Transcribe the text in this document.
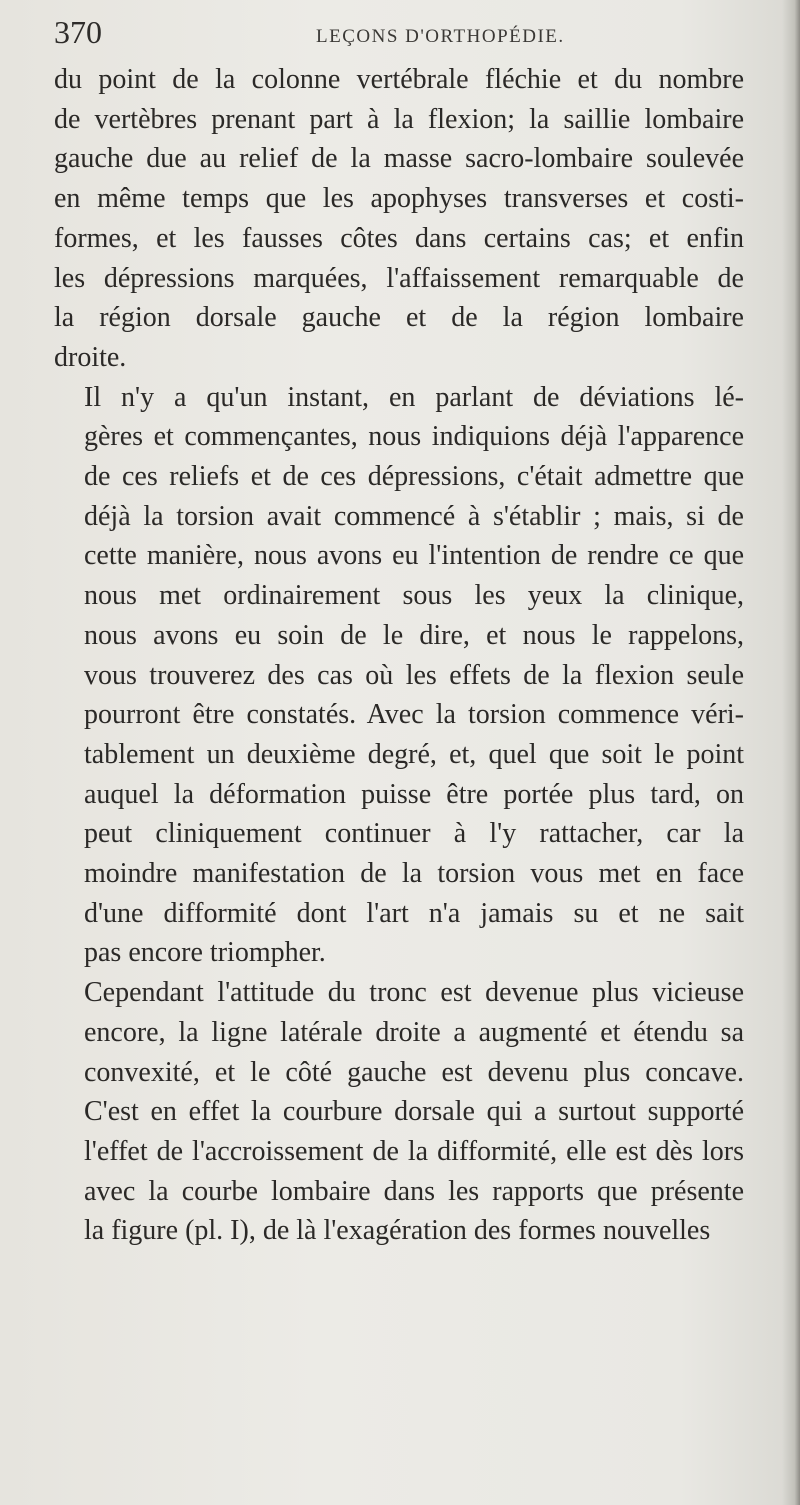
370	LEÇONS D'ORTHOPÉDIE.

du point de la colonne vertébrale fléchie et du nombre
de vertèbres prenant part à la flexion; la saillie lombaire
gauche due au relief de la masse sacro-lombaire soulevée
en même temps que les apophyses transverses et costi-
formes, et les fausses côtes dans certains cas; et enfin
les dépressions marquées, l'affaissement remarquable de
la région dorsale gauche et de la région lombaire
droite.

Il n'y a qu'un instant, en parlant de déviations lé-
gères et commençantes, nous indiquions déjà l'apparence
de ces reliefs et de ces dépressions, c'était admettre que
déjà la torsion avait commencé à s'établir ; mais, si de
cette manière, nous avons eu l'intention de rendre ce que
nous met ordinairement sous les yeux la clinique,
nous avons eu soin de le dire, et nous le rappelons,
vous trouverez des cas où les effets de la flexion seule
pourront être constatés. Avec la torsion commence véri-
tablement un deuxième degré, et, quel que soit le point
auquel la déformation puisse être portée plus tard, on
peut cliniquement continuer à l'y rattacher, car la
moindre manifestation de la torsion vous met en face
d'une difformité dont l'art n'a jamais su et ne sait
pas encore triompher.

Cependant l'attitude du tronc est devenue plus vicieuse
encore, la ligne latérale droite a augmenté et étendu sa
convexité, et le côté gauche est devenu plus concave.
C'est en effet la courbure dorsale qui a surtout supporté
l'effet de l'accroissement de la difformité, elle est dès lors
avec la courbe lombaire dans les rapports que présente
la figure (pl. I), de là l'exagération des formes nouvelles
